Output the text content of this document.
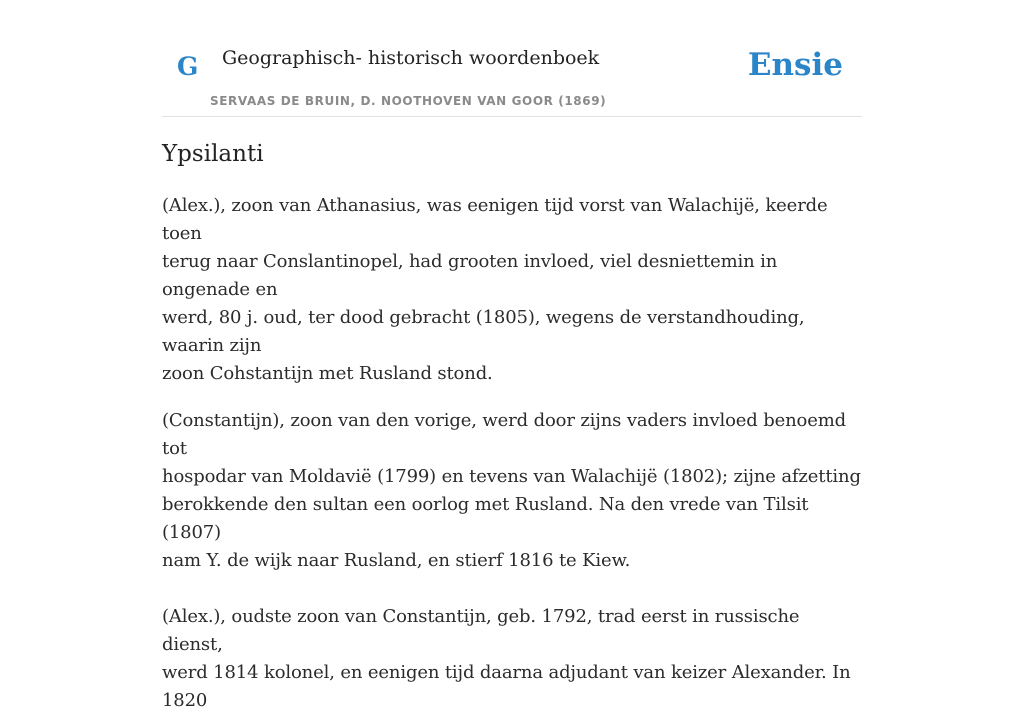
G Geographisch- historisch woordenboek
SERVAAS DE BRUIN, D. NOOTHOVEN VAN GOOR (1869)
Ensie
Ypsilanti

(Alex.), zoon van Athanasius, was eenigen tijd vorst van Walachijë, keerde toen
terug naar Conslantinopel, had grooten invloed, viel desniettemin in ongenade en
werd, 80 j. oud, ter dood gebracht (1805), wegens de verstandhouding, waarin zijn
zoon Cohstantijn met Rusland stond.

(Constantijn), zoon van den vorige, werd door zijns vaders invloed benoemd tot
hospodar van Moldavië (1799) en tevens van Walachijë (1802); zijne afzetting
berokkende den sultan een oorlog met Rusland. Na den vrede van Tilsit (1807)
nam Y. de wijk naar Rusland, en stierf 1816 te Kiew.

(Alex.), oudste zoon van Constantijn, geb. 1792, trad eerst in russische dienst,
werd 1814 kolonel, en eenigen tijd daarna adjudant van keizer Alexander. In 1820
